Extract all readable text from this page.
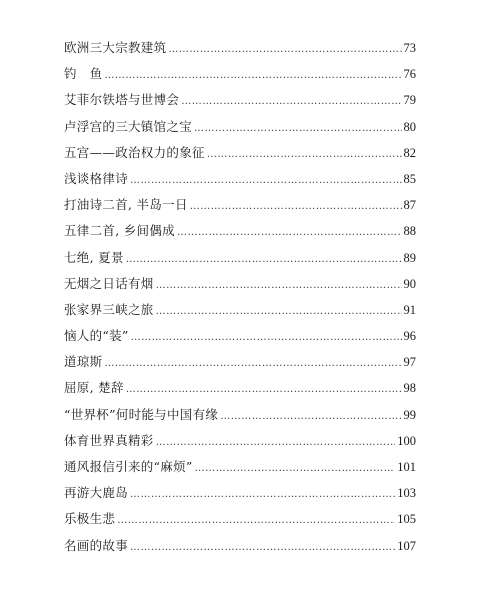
欧洲三大宗教建筑 ……………………………………………………………………………………………………………………………………………………………………………………	73
钓　鱼 ……………………………………………………………………………………………………………………………………………………………………………………	76
艾菲尔铁塔与世博会 ……………………………………………………………………………………………………………………………………………………………………………………	79
卢浮宫的三大镇馆之宝 ……………………………………………………………………………………………………………………………………………………………………………………	80
五宫——政治权力的象征 ……………………………………………………………………………………………………………………………………………………………………………………	82
浅谈格律诗 ……………………………………………………………………………………………………………………………………………………………………………………	85
打油诗二首, 半岛一日 ……………………………………………………………………………………………………………………………………………………………………………………	87
五律二首, 乡间偶成 ……………………………………………………………………………………………………………………………………………………………………………………	88
七绝, 夏景 ……………………………………………………………………………………………………………………………………………………………………………………	89
无烟之日话有烟 ……………………………………………………………………………………………………………………………………………………………………………………	90
张家界三峡之旅 ……………………………………………………………………………………………………………………………………………………………………………………	91
恼人的“装” ……………………………………………………………………………………………………………………………………………………………………………………	96
道琼斯 ……………………………………………………………………………………………………………………………………………………………………………………	97
屈原, 楚辞 ……………………………………………………………………………………………………………………………………………………………………………………	98
“世界杯”何时能与中国有缘 ……………………………………………………………………………………………………………………………………………………………………………………	99
体育世界真精彩 ……………………………………………………………………………………………………………………………………………………………………………………	100
通风报信引来的“麻烦” ……………………………………………………………………………………………………………………………………………………………………………………	101
再游大鹿岛 ……………………………………………………………………………………………………………………………………………………………………………………	103
乐极生悲 ……………………………………………………………………………………………………………………………………………………………………………………	105
名画的故事 ……………………………………………………………………………………………………………………………………………………………………………………	107
